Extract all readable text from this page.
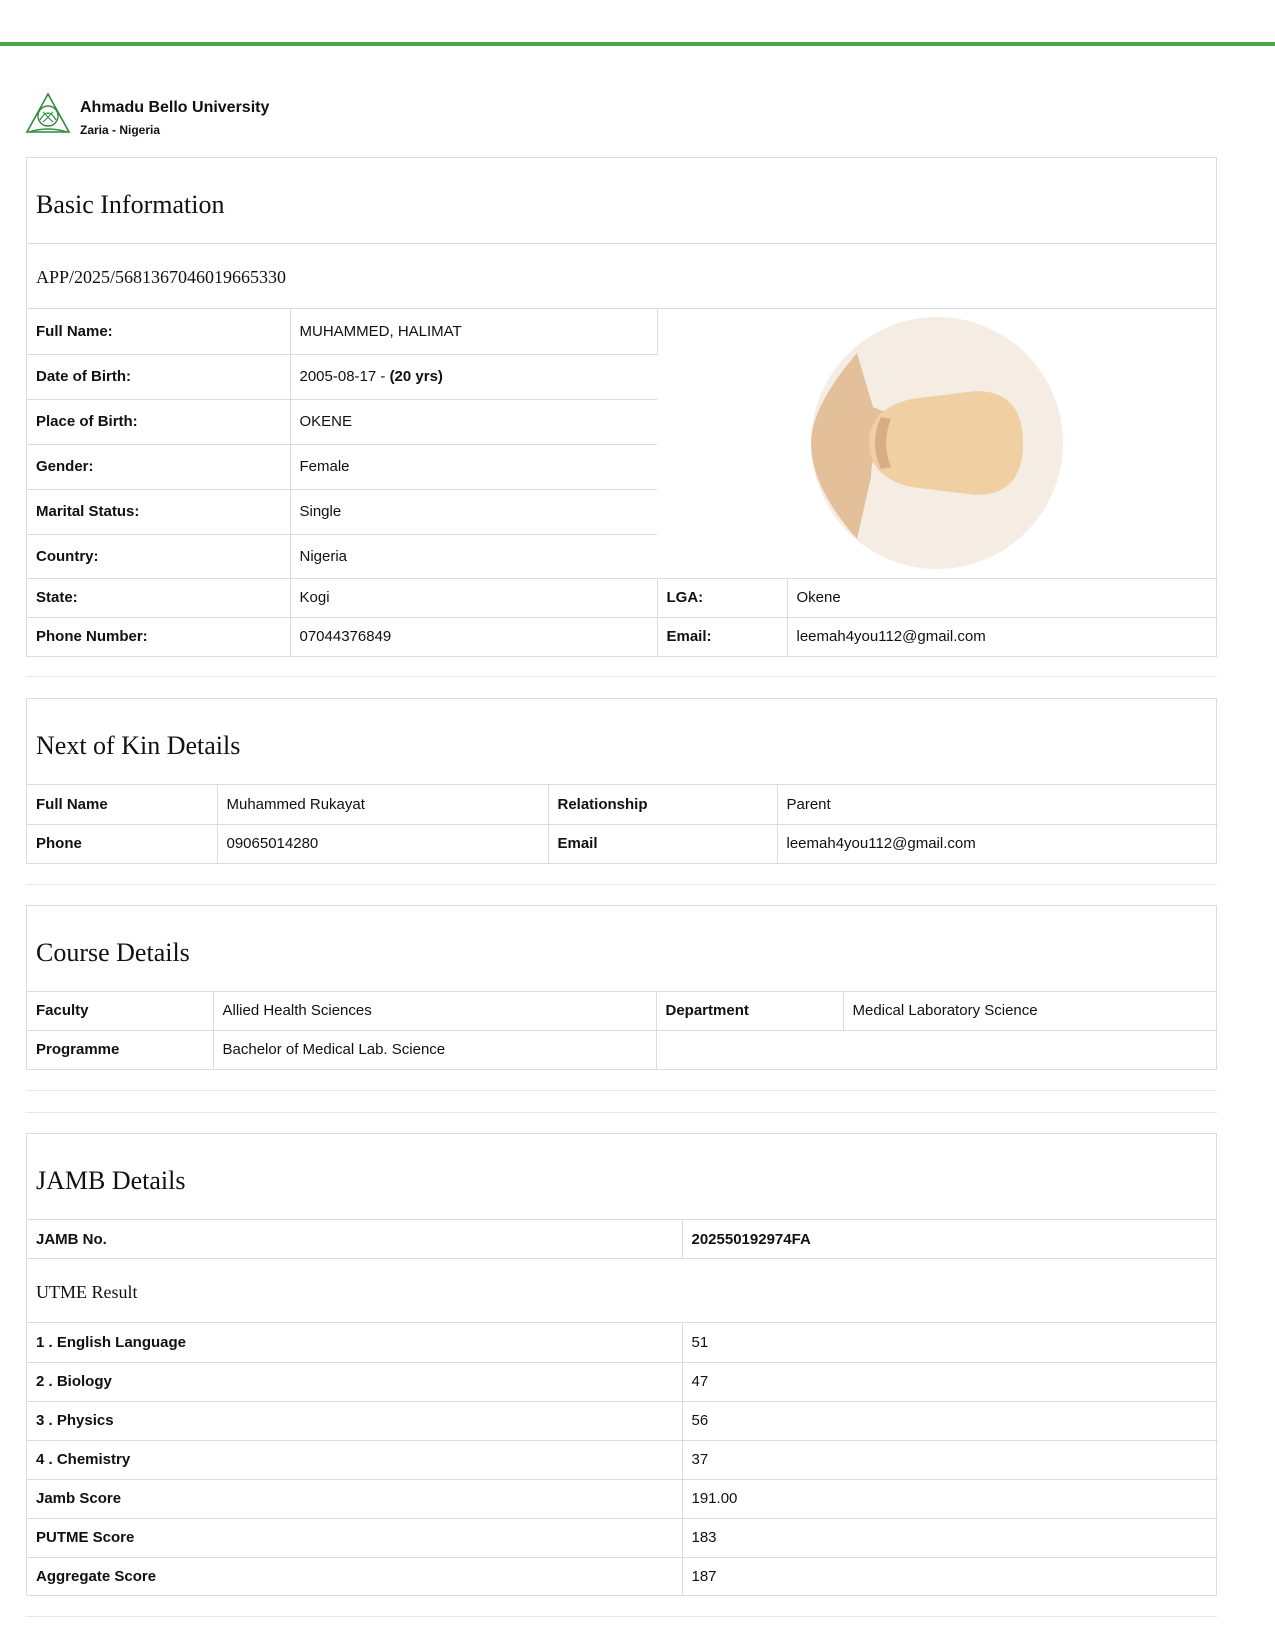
Ahmadu Bello University
Zaria - Nigeria
Basic Information
APP/2025/5681367046019665330
Full Name:	MUHAMMED, HALIMAT	

Date of Birth:	2005-08-17 - (20 yrs)		
Place of Birth:	OKENE		
Gender:	Female		
Marital Status:	Single		
Country:	Nigeria		
State:	Kogi	LGA:	Okene
Phone Number:	07044376849	Email:	leemah4you112@gmail.com
Next of Kin Details
Full Name	Muhammed Rukayat	Relationship	Parent
Phone	09065014280	Email	leemah4you112@gmail.com
Course Details
Faculty	Allied Health Sciences	Department	Medical Laboratory Science
Programme	Bachelor of Medical Lab. Science		
JAMB Details
JAMB No.	202550192974FA
UTME Result
1 . English Language	51
2 . Biology	47
3 . Physics	56
4 . Chemistry	37
Jamb Score	191.00
PUTME Score	183
Aggregate Score	187
